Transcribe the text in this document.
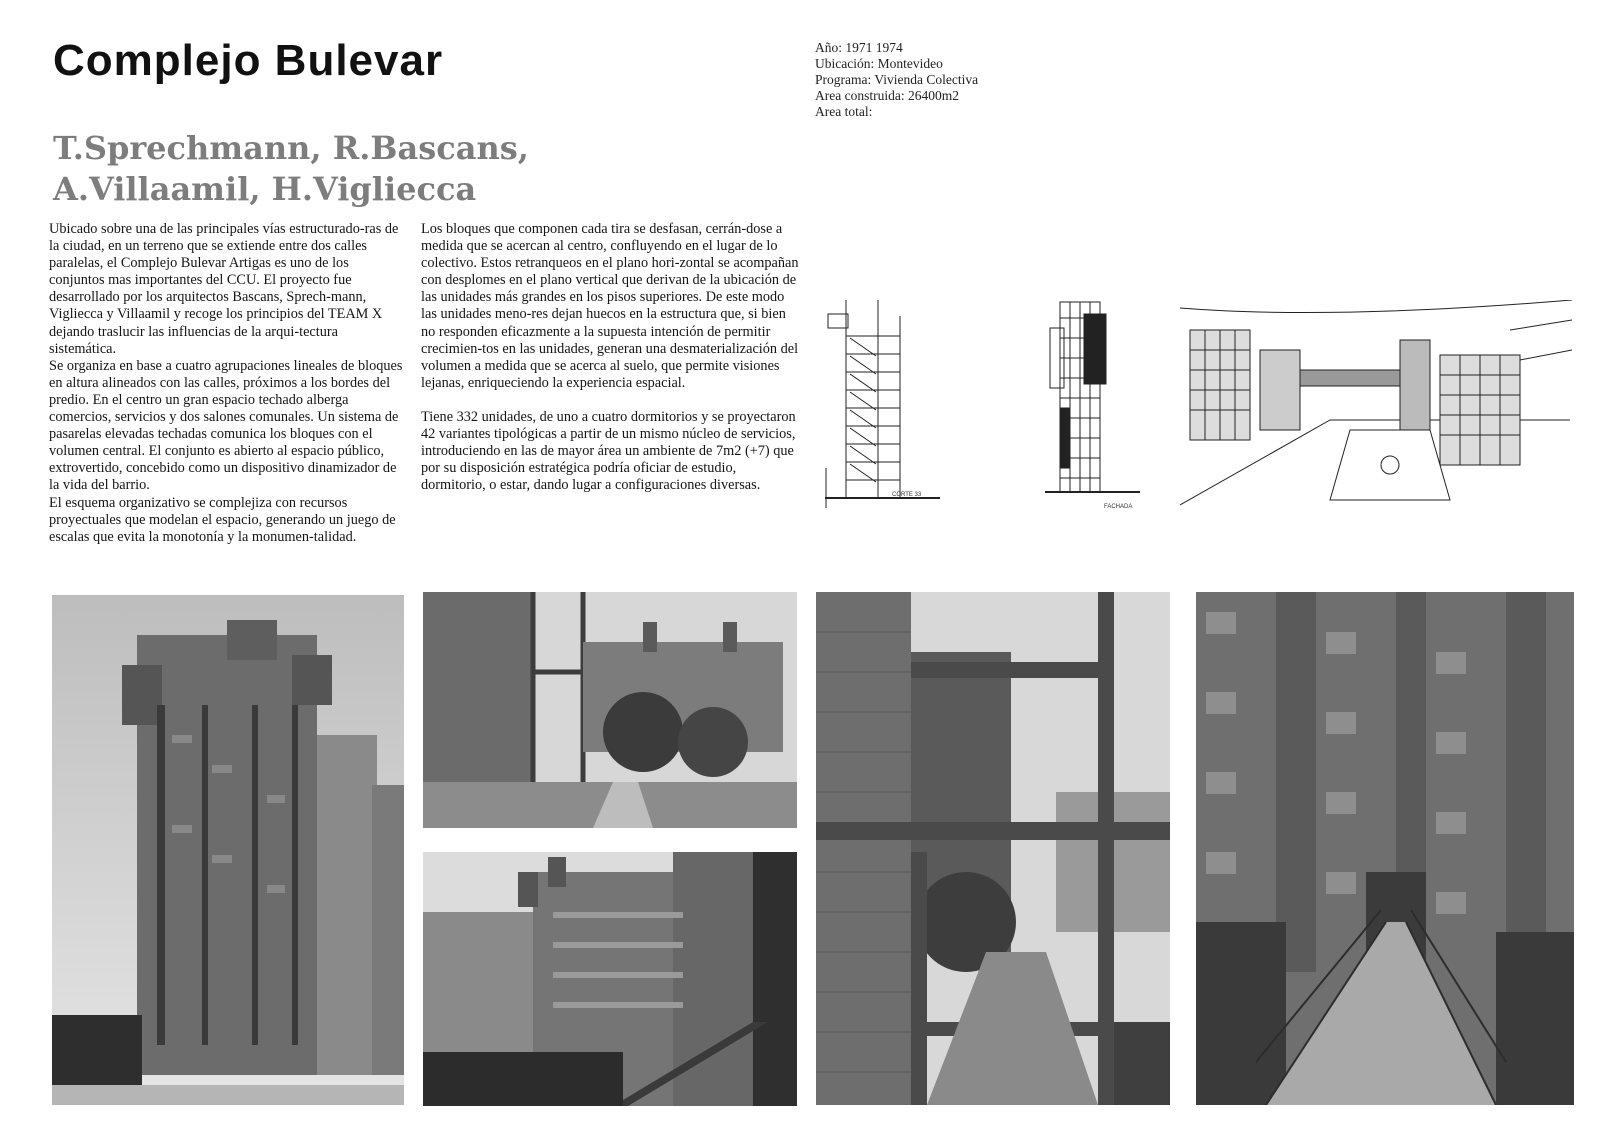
Complejo Bulevar
T.Sprechmann, R.Bascans,
A.Villaamil, H.Viglieccа
Año: 1971 1974
Ubicación: Montevideo
Programa: Vivienda Colectiva
Area construida: 26400m2
Area total:

Ubicado sobre una de las principales vías estructurado-ras de la ciudad, en un terreno que se extiende entre dos calles paralelas, el Complejo Bulevar Artigas es uno de los conjuntos mas importantes del CCU. El proyecto fue desarrollado por los arquitectos Bascans, Sprech-mann, Viglieсca y Villaamil y recoge los principios del TEAM X dejando traslucir las influencias de la arqui-tectura sistemática.

Se organiza en base a cuatro agrupaciones lineales de bloques en altura alineados con las calles, próximos a los bordes del predio. En el centro un gran espacio techado alberga comercios, servicios y dos salones comunales. Un sistema de pasarelas elevadas techadas comunica los bloques con el volumen central. El conjunto es abierto al espacio público, extrovertido, concebido como un dispositivo dinamizador de la vida del barrio.

El esquema organizativo se complejiza con recursos proyectuales que modelan el espacio, generando un juego de escalas que evita la monotonía y la monumen-talidad.

Los bloques que componen cada tira se desfasan, cerrán-dose a medida que se acercan al centro, confluyendo en el lugar de lo colectivo. Estos retranqueos en el plano hori-zontal se acompañan con desplomes en el plano vertical que derivan de la ubicación de las unidades más grandes en los pisos superiores. De este modo las unidades meno-res dejan huecos en la estructura que, si bien no responden eficazmente a la supuesta intención de permitir crecimien-tos en las unidades, generan una desmaterialización del volumen a medida que se acerca al suelo, que permite visiones lejanas, enriqueciendo la experiencia espacial.

Tiene 332 unidades, de uno a cuatro dormitorios y se proyectaron 42 variantes tipológicas a partir de un mismo núcleo de servicios, introduciendo en las de mayor área un ambiente de 7m2 (+7) que por su disposición estratégica podría oficiar de estudio, dormitorio, o estar, dando lugar a configuraciones diversas.

CORTE 33
FACHADA
